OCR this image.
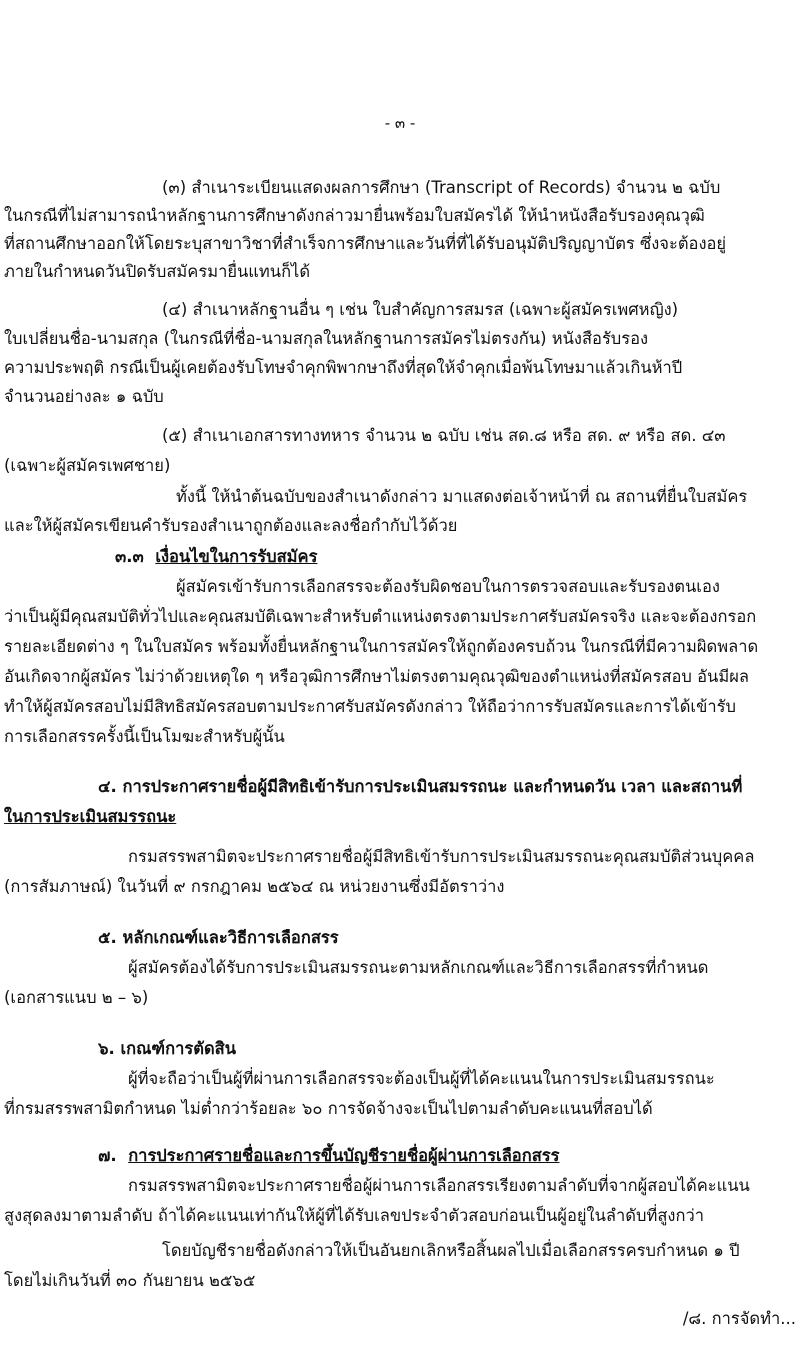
- ๓ -
(๓) สำเนาระเบียนแสดงผลการศึกษา (Transcript of Records) จำนวน ๒ ฉบับ
ในกรณีที่ไม่สามารถนำหลักฐานการศึกษาดังกล่าวมายื่นพร้อมใบสมัครได้ ให้นำหนังสือรับรองคุณวุฒิ
ที่สถานศึกษาออกให้โดยระบุสาขาวิชาที่สำเร็จการศึกษาและวันที่ที่ได้รับอนุมัติปริญญาบัตร ซึ่งจะต้องอยู่
ภายในกำหนดวันปิดรับสมัครมายื่นแทนก็ได้
(๔) สำเนาหลักฐานอื่น ๆ เช่น ใบสำคัญการสมรส (เฉพาะผู้สมัครเพศหญิง)
ใบเปลี่ยนชื่อ-นามสกุล (ในกรณีที่ชื่อ-นามสกุลในหลักฐานการสมัครไม่ตรงกัน) หนังสือรับรอง
ความประพฤติ กรณีเป็นผู้เคยต้องรับโทษจำคุกพิพากษาถึงที่สุดให้จำคุกเมื่อพ้นโทษมาแล้วเกินห้าปี
จำนวนอย่างละ ๑ ฉบับ
(๕) สำเนาเอกสารทางทหาร จำนวน ๒ ฉบับ เช่น สด.๘ หรือ สด. ๙ หรือ สด. ๔๓
(เฉพาะผู้สมัครเพศชาย)
ทั้งนี้ ให้นำต้นฉบับของสำเนาดังกล่าว มาแสดงต่อเจ้าหน้าที่ ณ สถานที่ยื่นใบสมัคร
และให้ผู้สมัครเขียนคำรับรองสำเนาถูกต้องและลงชื่อกำกับไว้ด้วย
๓.๓ เงื่อนไขในการรับสมัคร
ผู้สมัครเข้ารับการเลือกสรรจะต้องรับผิดชอบในการตรวจสอบและรับรองตนเอง
ว่าเป็นผู้มีคุณสมบัติทั่วไปและคุณสมบัติเฉพาะสำหรับตำแหน่งตรงตามประกาศรับสมัครจริง และจะต้องกรอก
รายละเอียดต่าง ๆ ในใบสมัคร พร้อมทั้งยื่นหลักฐานในการสมัครให้ถูกต้องครบถ้วน ในกรณีที่มีความผิดพลาด
อันเกิดจากผู้สมัคร ไม่ว่าด้วยเหตุใด ๆ หรือวุฒิการศึกษาไม่ตรงตามคุณวุฒิของตำแหน่งที่สมัครสอบ อันมีผล
ทำให้ผู้สมัครสอบไม่มีสิทธิสมัครสอบตามประกาศรับสมัครดังกล่าว ให้ถือว่าการรับสมัครและการได้เข้ารับ
การเลือกสรรครั้งนี้เป็นโมฆะสำหรับผู้นั้น
๔. การประกาศรายชื่อผู้มีสิทธิเข้ารับการประเมินสมรรถนะ และกำหนดวัน เวลา และสถานที่
ในการประเมินสมรรถนะ
กรมสรรพสามิตจะประกาศรายชื่อผู้มีสิทธิเข้ารับการประเมินสมรรถนะคุณสมบัติส่วนบุคคล
(การสัมภาษณ์) ในวันที่ ๙ กรกฎาคม ๒๕๖๔ ณ หน่วยงานซึ่งมีอัตราว่าง
๕. หลักเกณฑ์และวิธีการเลือกสรร
ผู้สมัครต้องได้รับการประเมินสมรรถนะตามหลักเกณฑ์และวิธีการเลือกสรรที่กำหนด
(เอกสารแนบ ๒ – ๖)
๖. เกณฑ์การตัดสิน
ผู้ที่จะถือว่าเป็นผู้ที่ผ่านการเลือกสรรจะต้องเป็นผู้ที่ได้คะแนนในการประเมินสมรรถนะ
ที่กรมสรรพสามิตกำหนด ไม่ต่ำกว่าร้อยละ ๖๐ การจัดจ้างจะเป็นไปตามลำดับคะแนนที่สอบได้
๗. การประกาศรายชื่อและการขึ้นบัญชีรายชื่อผู้ผ่านการเลือกสรร
กรมสรรพสามิตจะประกาศรายชื่อผู้ผ่านการเลือกสรรเรียงตามลำดับที่จากผู้สอบได้คะแนน
สูงสุดลงมาตามลำดับ ถ้าได้คะแนนเท่ากันให้ผู้ที่ได้รับเลขประจำตัวสอบก่อนเป็นผู้อยู่ในลำดับที่สูงกว่า
โดยบัญชีรายชื่อดังกล่าวให้เป็นอันยกเลิกหรือสิ้นผลไปเมื่อเลือกสรรครบกำหนด ๑ ปี
โดยไม่เกินวันที่ ๓๐ กันยายน ๒๕๖๕
/๘. การจัดทำ...
